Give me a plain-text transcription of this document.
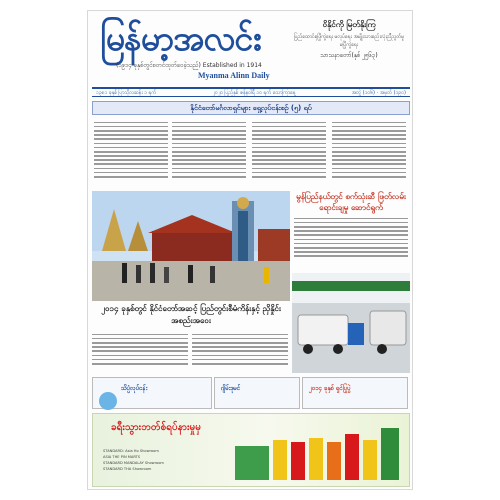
မြန်မာ့အလင်း
(၁၉၁၄ ခုနှစ်တွင်စတင်ထုတ်ဝေခဲ့သည်) Established in 1914
Myanma Alinn Daily
ဝိနိုင်ကို မြတ်နိုးကြ
ပြည်ထောင်စုဖြိုကွဲရေး မလုပ်ရေး အမျိုးသားစည်းလုံးညီညွတ်မှု မပြိုကွဲရေး
သာသနာတော်(နှစ် ၂၅၆၃)
၁၃၈၁ ခုနှစ် ပြာသိုလဆန်း ၁ ရက်	၂၀၂၀ ပြည့်နှစ် ဇန်နဝါရီ ၁၀ ရက် သောကြာနေ့	အတွဲ (၁၀၆) · အမှတ် (၁၉၀)
နိုင်ငံတော်မင်္ဂလာရှင်များ ရှေ့လုပ်ငန်းစဉ် (၅) ရပ်
မွန်ပြည်နယ်တွင် စက်သုံးဆီ ဖြတ်လမ်းရောင်းချမှု ဆောင်ရွက်
၂၀၁၄ ခုနှစ်တွင် နိုင်ငံတော်အဆင့် ပြည်တွင်းစီမံကိန်းနှင့် ညှိနှိုင်းအစည်းအဝေး
သိပ္ပံလုပ်ငန်း	ဂျိမ်းဒုမင်	၂၀၁၄ ခုနှစ် ရှင်ပြုပွဲ
ခရီးသွားဘတ်စ်ရပ်နားမှုမှ
STANDARD: Asia Ho Showroom
ASIA THE PIN MARTS
STANDARD MANDALAY Showroom
STANDARD THA Showroom
